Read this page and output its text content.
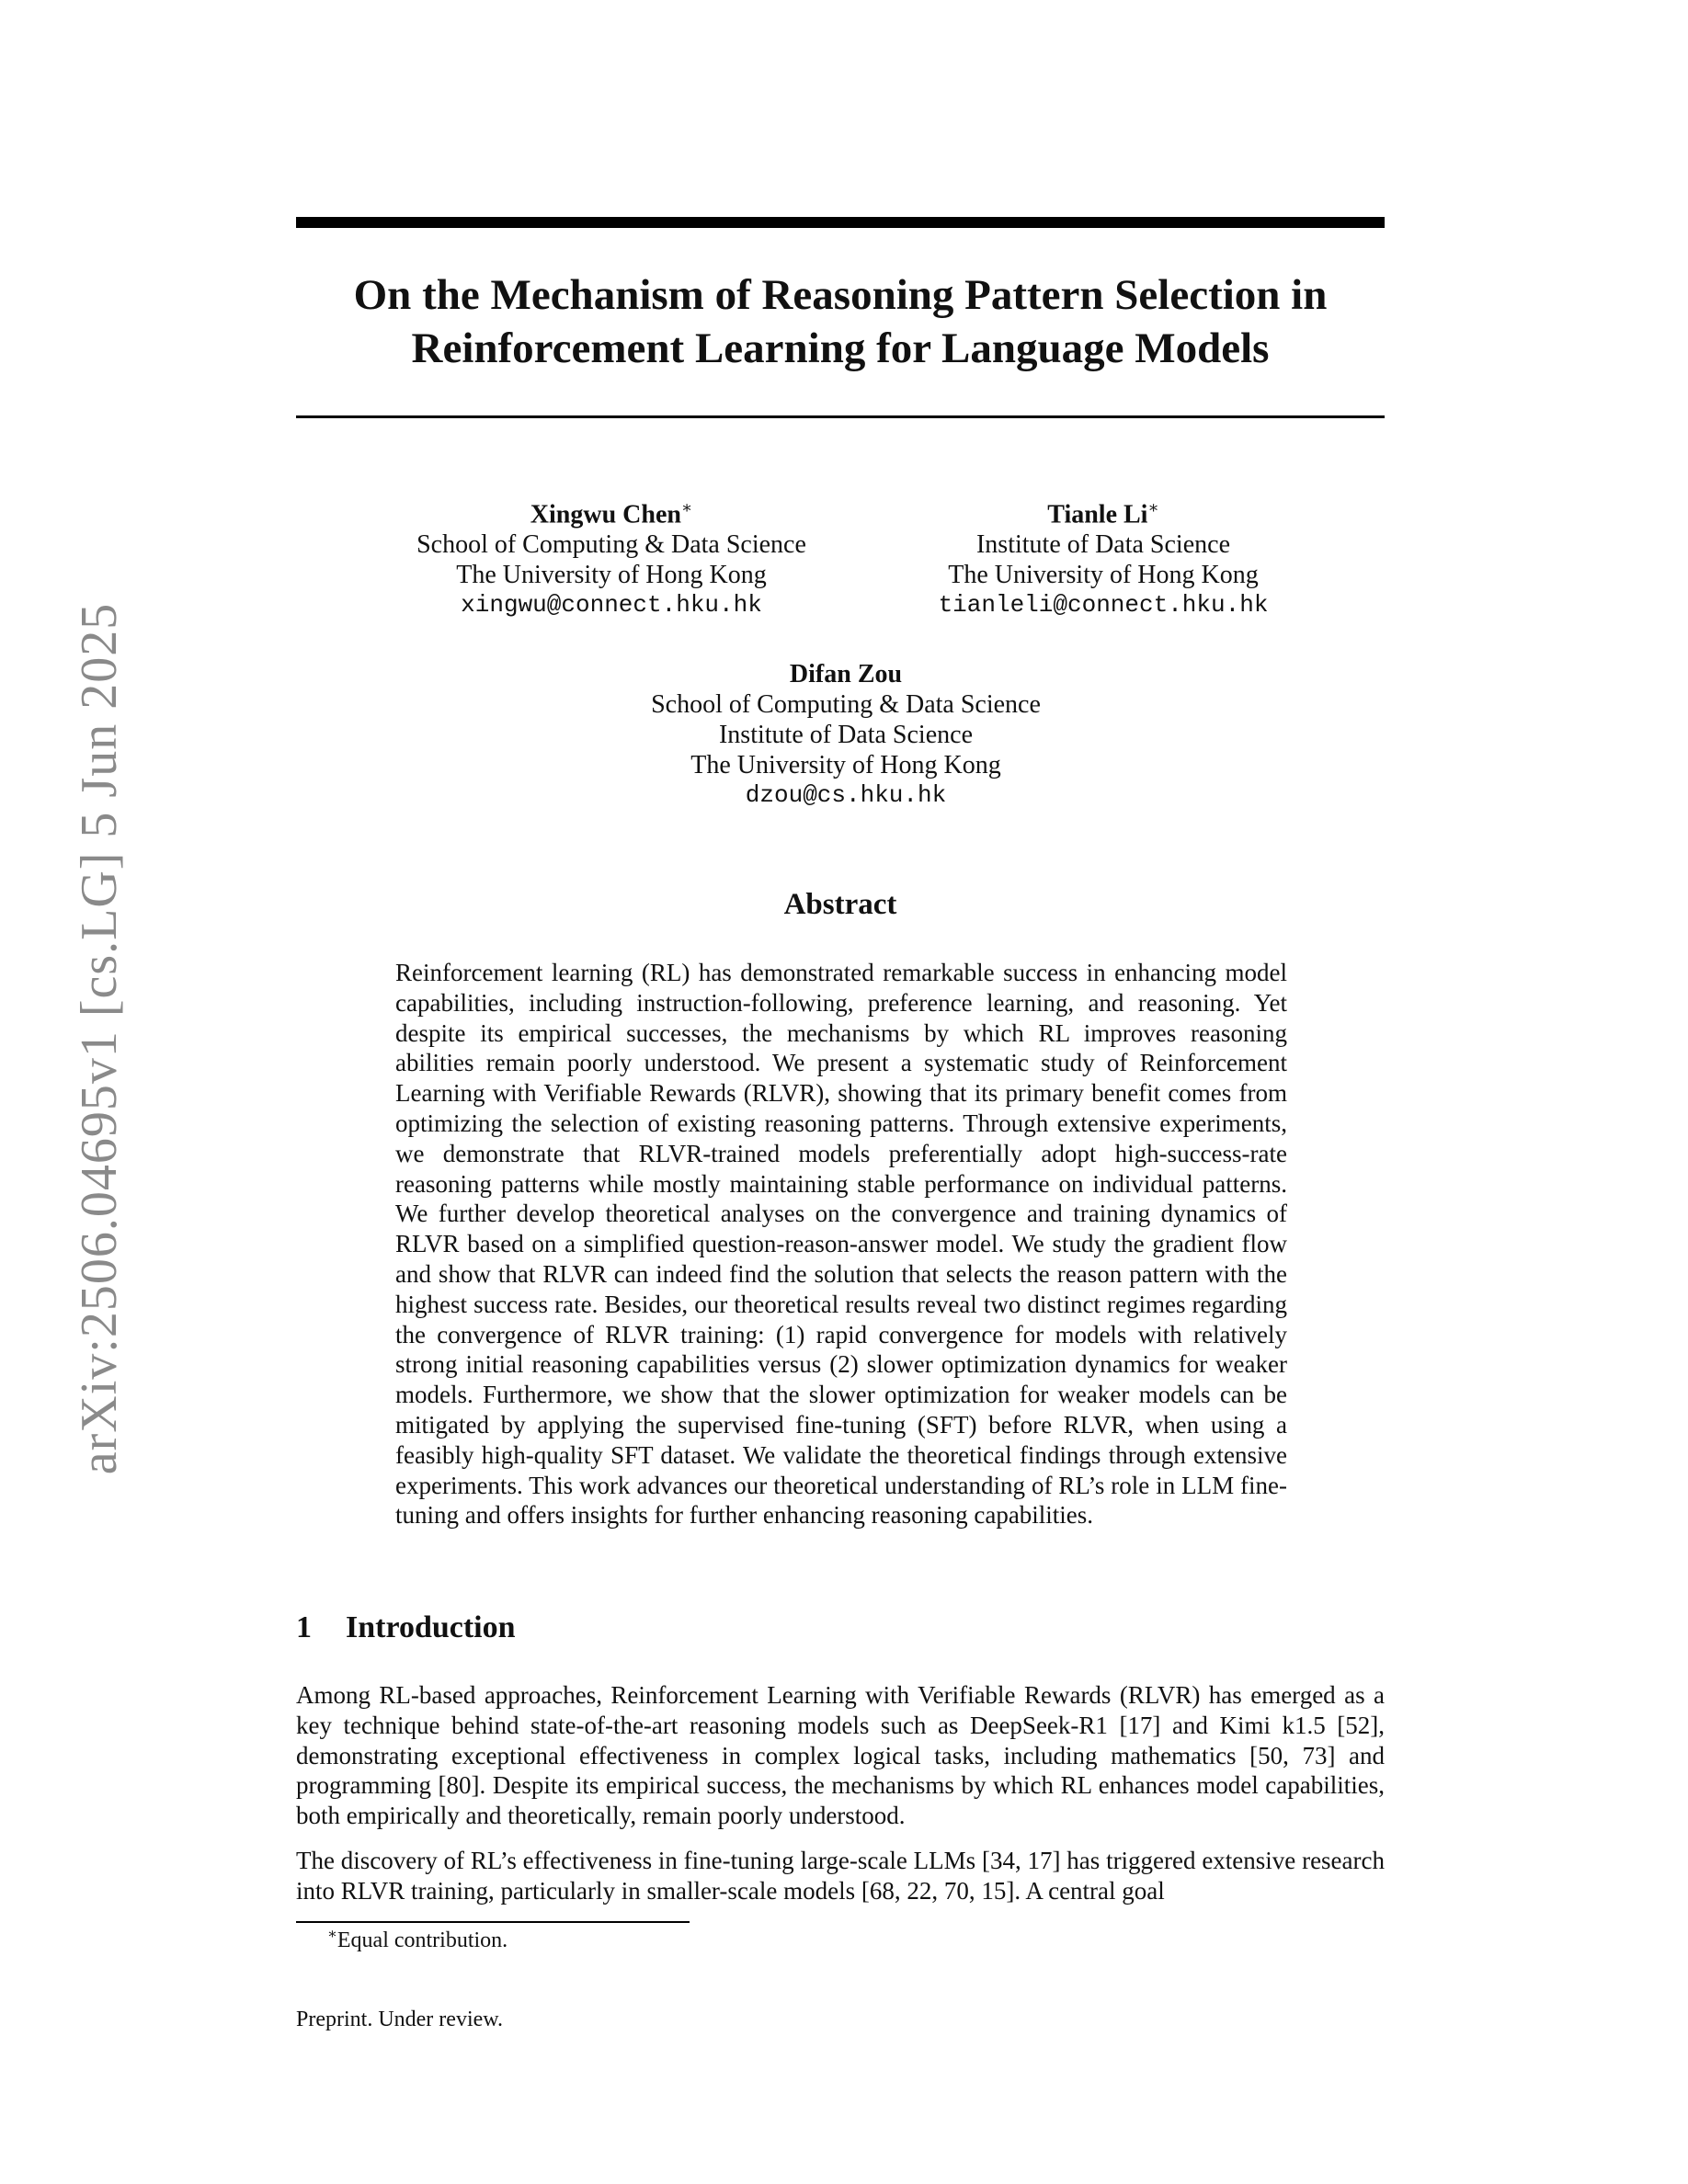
arXiv:2506.04695v1 [cs.LG] 5 Jun 2025
On the Mechanism of Reasoning Pattern Selection in Reinforcement Learning for Language Models
Xingwu Chen∗
School of Computing & Data Science
The University of Hong Kong
xingwu@connect.hku.hk
Tianle Li∗
Institute of Data Science
The University of Hong Kong
tianleli@connect.hku.hk
Difan Zou
School of Computing & Data Science
Institute of Data Science
The University of Hong Kong
dzou@cs.hku.hk
Abstract
Reinforcement learning (RL) has demonstrated remarkable success in enhancing model capabilities, including instruction-following, preference learning, and reasoning. Yet despite its empirical successes, the mechanisms by which RL improves reasoning abilities remain poorly understood. We present a systematic study of Reinforcement Learning with Verifiable Rewards (RLVR), showing that its primary benefit comes from optimizing the selection of existing reasoning patterns. Through extensive experiments, we demonstrate that RLVR-trained models preferentially adopt high-success-rate reasoning patterns while mostly maintaining stable performance on individual patterns. We further develop theoretical analyses on the convergence and training dynamics of RLVR based on a simplified question-reason-answer model. We study the gradient flow and show that RLVR can indeed find the solution that selects the reason pattern with the highest success rate. Besides, our theoretical results reveal two distinct regimes regarding the convergence of RLVR training: (1) rapid convergence for models with relatively strong initial reasoning capabilities versus (2) slower optimization dynamics for weaker models. Furthermore, we show that the slower optimization for weaker models can be mitigated by applying the supervised fine-tuning (SFT) before RLVR, when using a feasibly high-quality SFT dataset. We validate the theoretical findings through extensive experiments. This work advances our theoretical understanding of RL’s role in LLM fine-tuning and offers insights for further enhancing reasoning capabilities.
1 Introduction
Among RL-based approaches, Reinforcement Learning with Verifiable Rewards (RLVR) has emerged as a key technique behind state-of-the-art reasoning models such as DeepSeek-R1 [17] and Kimi k1.5 [52], demonstrating exceptional effectiveness in complex logical tasks, including mathematics [50, 73] and programming [80]. Despite its empirical success, the mechanisms by which RL enhances model capabilities, both empirically and theoretically, remain poorly understood.
The discovery of RL’s effectiveness in fine-tuning large-scale LLMs [34, 17] has triggered extensive research into RLVR training, particularly in smaller-scale models [68, 22, 70, 15]. A central goal
∗Equal contribution.
Preprint. Under review.
